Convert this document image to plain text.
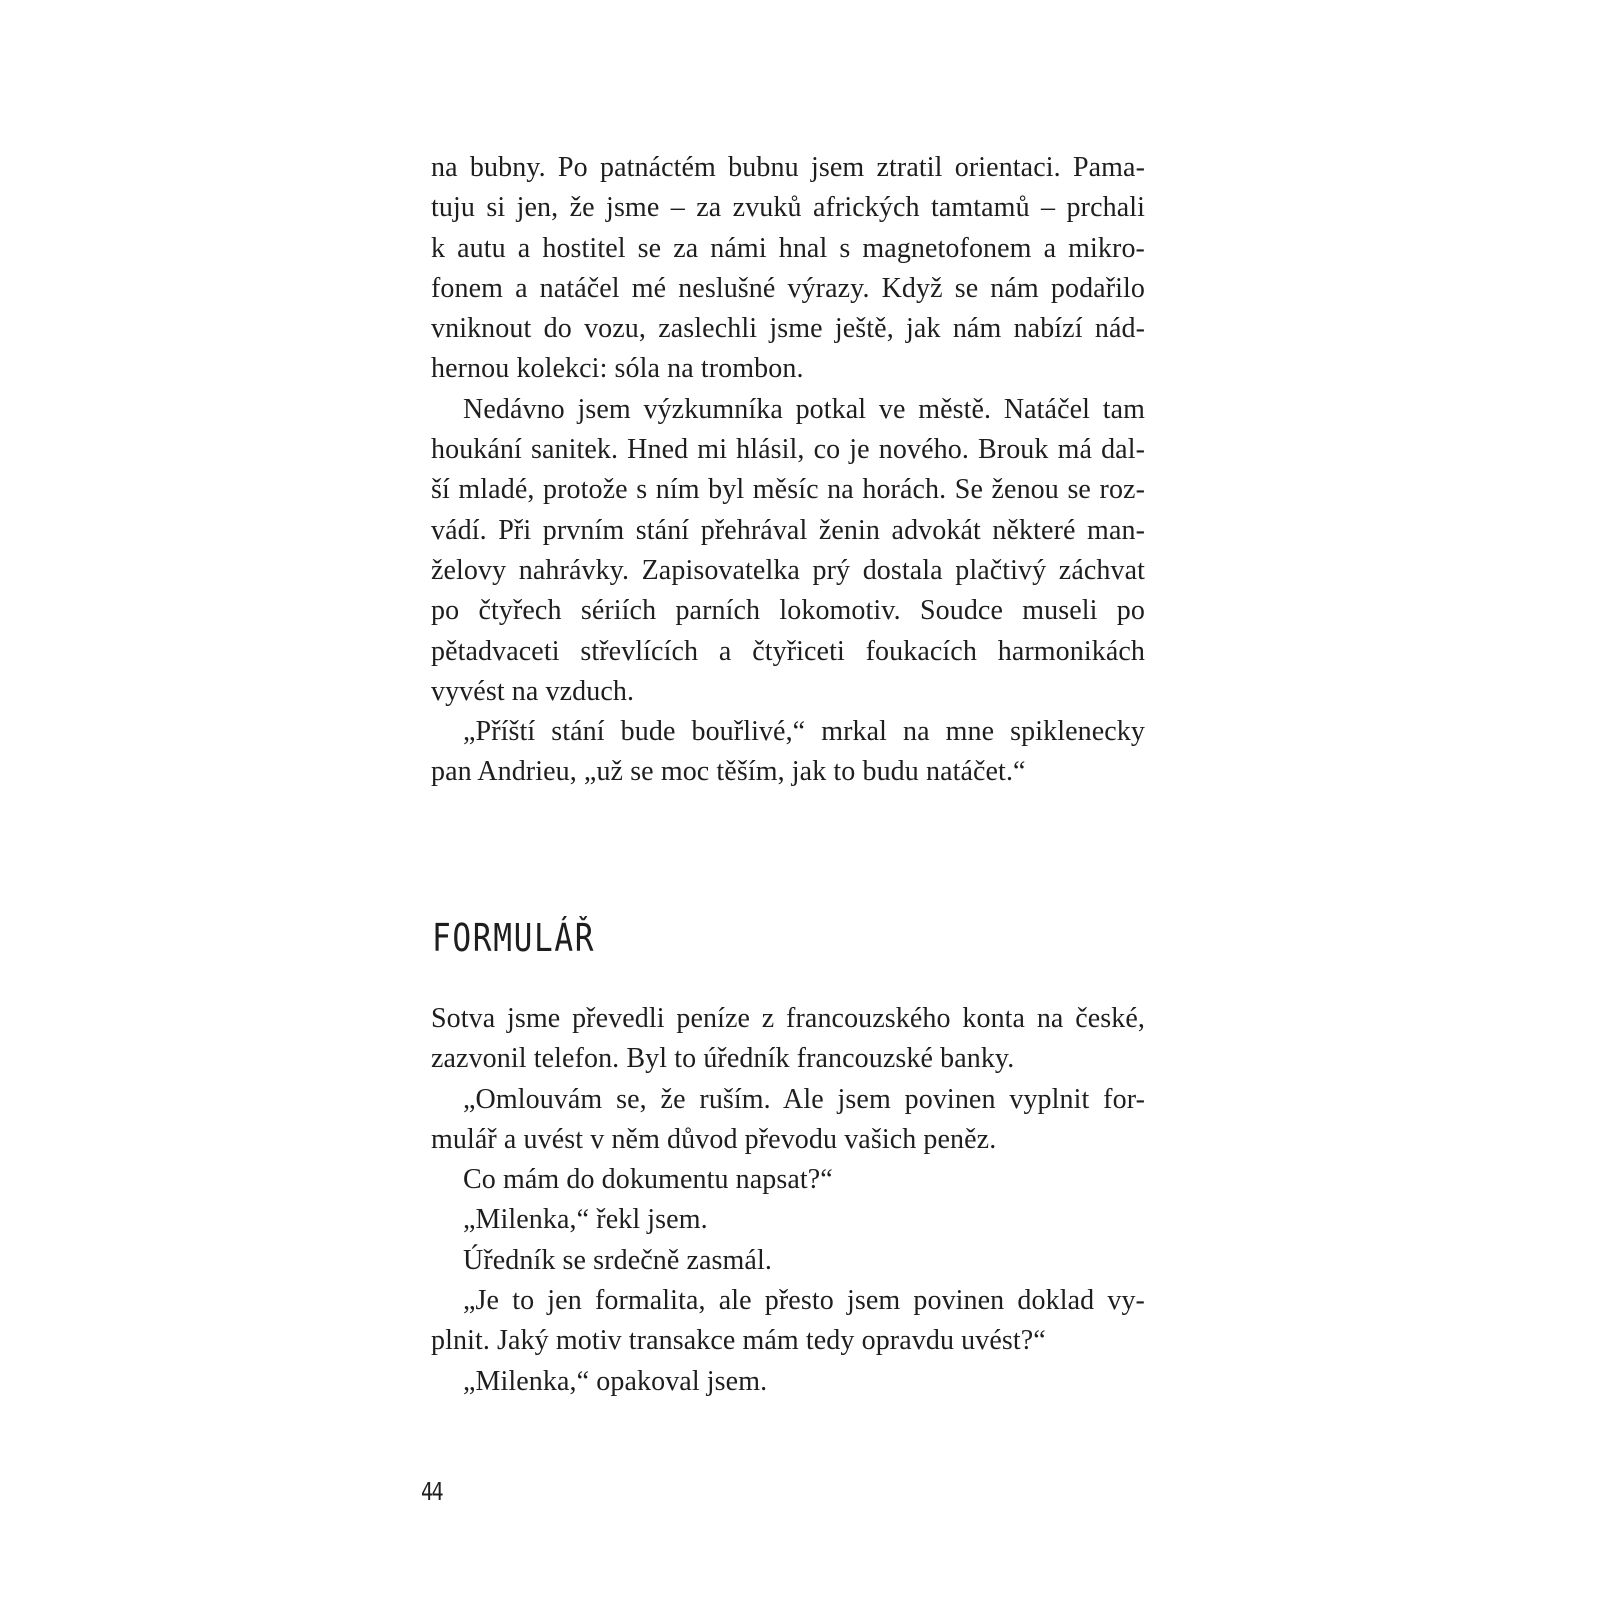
na bubny. Po patnáctém bubnu jsem ztratil orientaci. Pama-
tuju si jen, že jsme – za zvuků afrických tamtamů – prchali
k autu a hostitel se za námi hnal s magnetofonem a mikro-
fonem a natáčel mé neslušné výrazy. Když se nám podařilo
vniknout do vozu, zaslechli jsme ještě, jak nám nabízí nád-
hernou kolekci: sóla na trombon.
Nedávno jsem výzkumníka potkal ve městě. Natáčel tam
houkání sanitek. Hned mi hlásil, co je nového. Brouk má dal-
ší mladé, protože s ním byl měsíc na horách. Se ženou se roz-
vádí. Při prvním stání přehrával ženin advokát některé man-
želovy nahrávky. Zapisovatelka prý dostala plačtivý záchvat
po čtyřech sériích parních lokomotiv. Soudce museli po
pětadvaceti střevlících a čtyřiceti foukacích harmonikách
vyvést na vzduch.
„Příští stání bude bouřlivé,“ mrkal na mne spiklenecky
pan Andrieu, „už se moc těším, jak to budu natáčet.“
FORMULÁŘ
Sotva jsme převedli peníze z francouzského konta na české,
zazvonil telefon. Byl to úředník francouzské banky.
„Omlouvám se, že ruším. Ale jsem povinen vyplnit for-
mulář a uvést v něm důvod převodu vašich peněz.
Co mám do dokumentu napsat?“
„Milenka,“ řekl jsem.
Úředník se srdečně zasmál.
„Je to jen formalita, ale přesto jsem povinen doklad vy-
plnit. Jaký motiv transakce mám tedy opravdu uvést?“
„Milenka,“ opakoval jsem.
44
